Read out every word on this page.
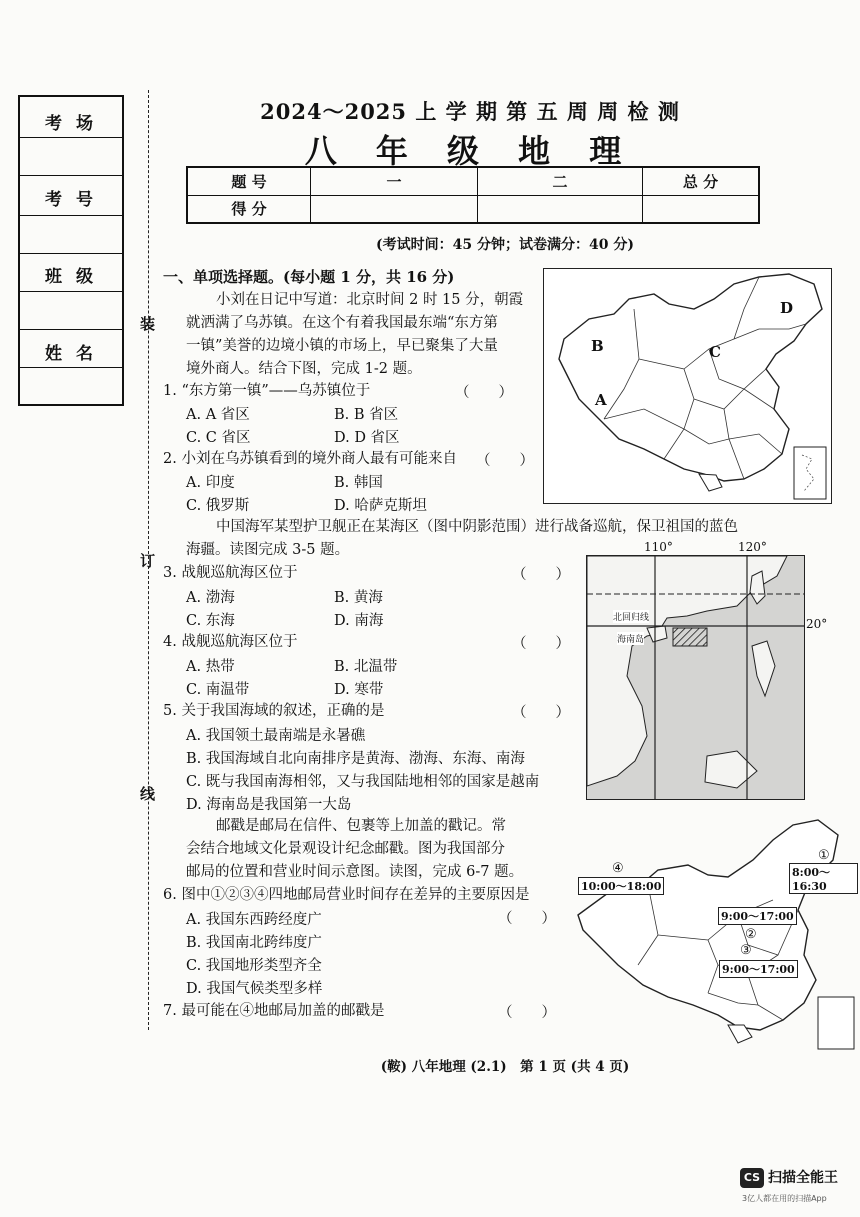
考 场
考 号
班 级
姓 名
装
订
线
2024～2025 上 学 期 第 五 周 周 检 测
八 年 级 地 理
题 号	一	二	总 分
得 分			
(考试时间：45 分钟；试卷满分：40 分)
一、单项选择题。(每小题 1 分，共 16 分)
小刘在日记中写道：北京时间 2 时 15 分，朝霞
就洒满了乌苏镇。在这个有着我国最东端“东方第
一镇”美誉的边境小镇的市场上，早已聚集了大量
境外商人。结合下图，完成 1-2 题。
1. “东方第一镇”——乌苏镇位于	（　　）
A. A 省区	B. B 省区
C. C 省区	D. D 省区
2. 小刘在乌苏镇看到的境外商人最有可能来自 （　　）
A. 印度	B. 韩国
C. 俄罗斯	D. 哈萨克斯坦
中国海军某型护卫舰正在某海区（图中阴影范围）进行战备巡航，保卫祖国的蓝色
海疆。读图完成 3-5 题。
3. 战舰巡航海区位于	（　　）
A. 渤海	B. 黄海
C. 东海	D. 南海
4. 战舰巡航海区位于	（　　）
A. 热带	B. 北温带
C. 南温带	D. 寒带
5. 关于我国海域的叙述，正确的是	（　　）
A. 我国领土最南端是永暑礁
B. 我国海域自北向南排序是黄海、渤海、东海、南海
C. 既与我国南海相邻，又与我国陆地相邻的国家是越南
D. 海南岛是我国第一大岛
邮戳是邮局在信件、包裹等上加盖的戳记。常
会结合地域文化景观设计纪念邮戳。图为我国部分
邮局的位置和营业时间示意图。读图，完成 6-7 题。
6. 图中①②③④四地邮局营业时间存在差异的主要原因是
（　　）
A. 我国东西跨经度广
B. 我国南北跨纬度广
C. 我国地形类型齐全
D. 我国气候类型多样
7. 最可能在④地邮局加盖的邮戳是	（　　）
D
C
B
A
北回归线
海南岛
110°	120°
20°
①
8:00～16:30
9:00～17:00
②
③
9:00～17:00
④
10:00～18:00
(鞍) 八年地理 (2.1)　第 1 页 (共 4 页)
CS 扫描全能王
3亿人都在用的扫描App
